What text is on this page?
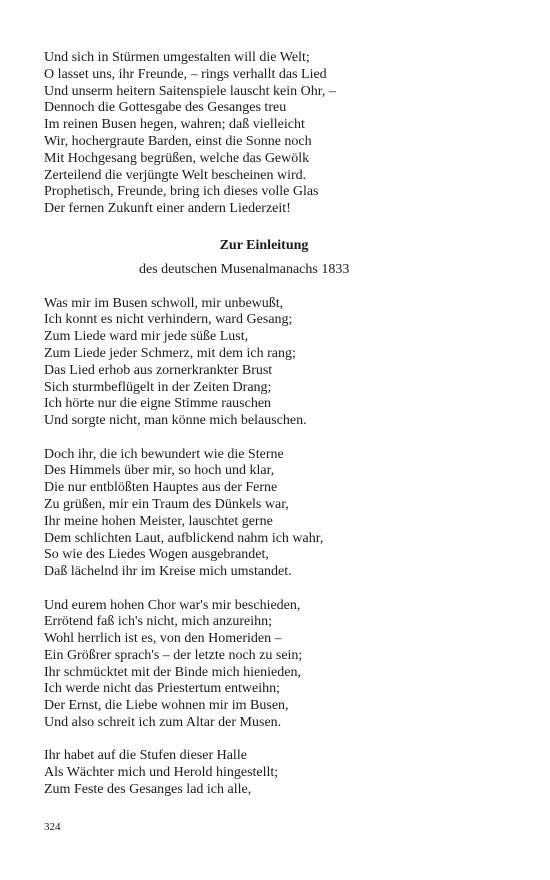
Und sich in Stürmen umgestalten will die Welt;
O lasset uns, ihr Freunde, – rings verhallt das Lied
Und unserm heitern Saitenspiele lauscht kein Ohr, –
Dennoch die Gottesgabe des Gesanges treu
Im reinen Busen hegen, wahren; daß vielleicht
Wir, hochergraute Barden, einst die Sonne noch
Mit Hochgesang begrüßen, welche das Gewölk
Zerteilend die verjüngte Welt bescheinen wird.
Prophetisch, Freunde, bring ich dieses volle Glas
Der fernen Zukunft einer andern Liederzeit!
Zur Einleitung
des deutschen Musenalmanachs 1833
Was mir im Busen schwoll, mir unbewußt,
Ich konnt es nicht verhindern, ward Gesang;
Zum Liede ward mir jede süße Lust,
Zum Liede jeder Schmerz, mit dem ich rang;
Das Lied erhob aus zornerkrankter Brust
Sich sturmbeflügelt in der Zeiten Drang;
Ich hörte nur die eigne Stimme rauschen
Und sorgte nicht, man könne mich belauschen.
Doch ihr, die ich bewundert wie die Sterne
Des Himmels über mir, so hoch und klar,
Die nur entblößten Hauptes aus der Ferne
Zu grüßen, mir ein Traum des Dünkels war,
Ihr meine hohen Meister, lauschtet gerne
Dem schlichten Laut, aufblickend nahm ich wahr,
So wie des Liedes Wogen ausgebrandet,
Daß lächelnd ihr im Kreise mich umstandet.
Und eurem hohen Chor war's mir beschieden,
Errötend faß ich's nicht, mich anzureihn;
Wohl herrlich ist es, von den Homeriden –
Ein Größrer sprach's – der letzte noch zu sein;
Ihr schmücktet mit der Binde mich hienieden,
Ich werde nicht das Priestertum entweihn;
Der Ernst, die Liebe wohnen mir im Busen,
Und also schreit ich zum Altar der Musen.
Ihr habet auf die Stufen dieser Halle
Als Wächter mich und Herold hingestellt;
Zum Feste des Gesanges lad ich alle,
324
